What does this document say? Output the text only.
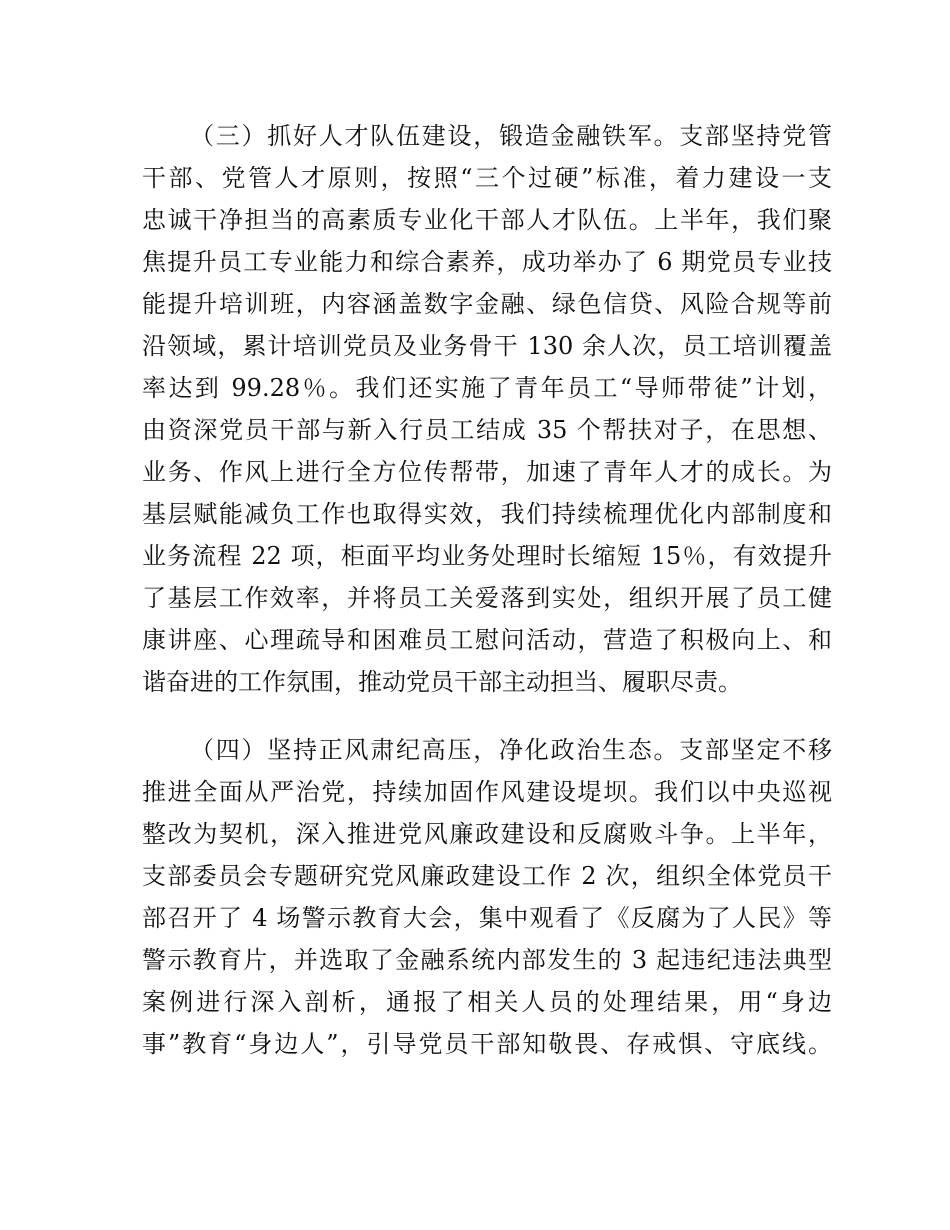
（三）抓好人才队伍建设，锻造金融铁军。支部坚持党管
干部、党管人才原则，按照“三个过硬”标准，着力建设一支
忠诚干净担当的高素质专业化干部人才队伍。上半年，我们聚
焦提升员工专业能力和综合素养，成功举办了 6 期党员专业技
能提升培训班，内容涵盖数字金融、绿色信贷、风险合规等前
沿领域，累计培训党员及业务骨干 130 余人次，员工培训覆盖
率达到 99.28％。我们还实施了青年员工“导师带徒”计划，
由资深党员干部与新入行员工结成 35 个帮扶对子，在思想、
业务、作风上进行全方位传帮带，加速了青年人才的成长。为
基层赋能减负工作也取得实效，我们持续梳理优化内部制度和
业务流程 22 项，柜面平均业务处理时长缩短 15％，有效提升
了基层工作效率，并将员工关爱落到实处，组织开展了员工健
康讲座、心理疏导和困难员工慰问活动，营造了积极向上、和
谐奋进的工作氛围，推动党员干部主动担当、履职尽责。
（四）坚持正风肃纪高压，净化政治生态。支部坚定不移
推进全面从严治党，持续加固作风建设堤坝。我们以中央巡视
整改为契机，深入推进党风廉政建设和反腐败斗争。上半年，
支部委员会专题研究党风廉政建设工作 2 次，组织全体党员干
部召开了 4 场警示教育大会，集中观看了《反腐为了人民》等
警示教育片，并选取了金融系统内部发生的 3 起违纪违法典型
案例进行深入剖析，通报了相关人员的处理结果，用“身边
事”教育“身边人”，引导党员干部知敬畏、存戒惧、守底线。
